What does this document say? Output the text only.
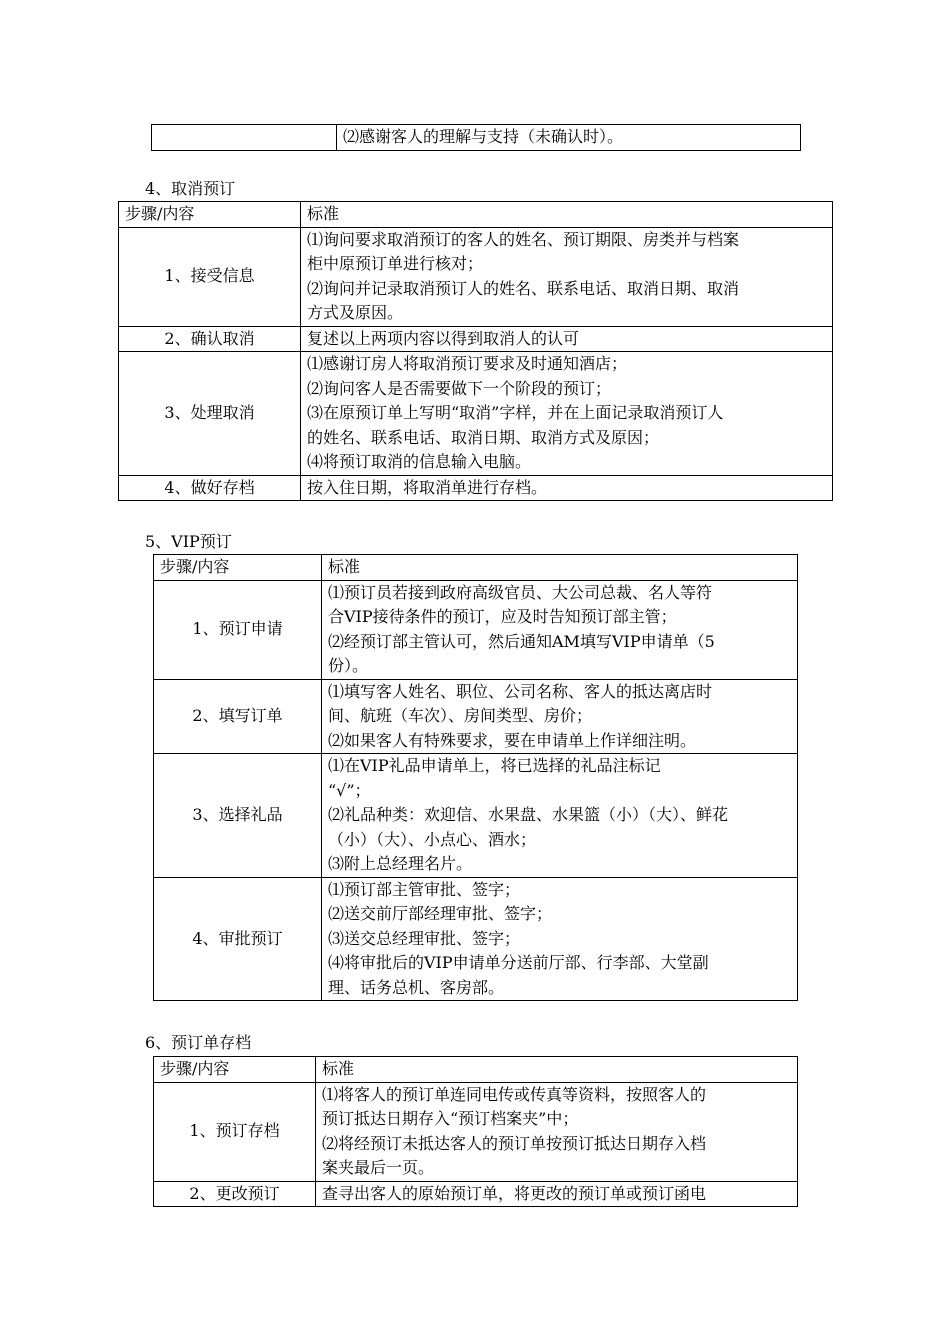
⑵感谢客人的理解与支持（未确认时）。
4、取消预订
步骤/内容	标准

1、接受信息	⑴询问要求取消预订的客人的姓名、预订期限、房类并与档案
柜中原预订单进行核对；
⑵询问并记录取消预订人的姓名、联系电话、取消日期、取消
方式及原因。

2、确认取消	复述以上两项内容以得到取消人的认可

3、处理取消	⑴感谢订房人将取消预订要求及时通知酒店；
⑵询问客人是否需要做下一个阶段的预订；
⑶在原预订单上写明“取消”字样，并在上面记录取消预订人
的姓名、联系电话、取消日期、取消方式及原因；
⑷将预订取消的信息输入电脑。

4、做好存档	按入住日期，将取消单进行存档。
5、VIP预订
步骤/内容	标准

1、预订申请	⑴预订员若接到政府高级官员、大公司总裁、名人等符
合VIP接待条件的预订，应及时告知预订部主管；
⑵经预订部主管认可，然后通知AM填写VIP申请单（5
份）。

2、填写订单	⑴填写客人姓名、职位、公司名称、客人的抵达离店时
间、航班（车次）、房间类型、房价；
⑵如果客人有特殊要求，要在申请单上作详细注明。

3、选择礼品	⑴在VIP礼品申请单上，将已选择的礼品注标记
“√”；
⑵礼品种类：欢迎信、水果盘、水果篮（小）（大）、鲜花
（小）（大）、小点心、酒水；
⑶附上总经理名片。

4、审批预订	⑴预订部主管审批、签字；
⑵送交前厅部经理审批、签字；
⑶送交总经理审批、签字；
⑷将审批后的VIP申请单分送前厅部、行李部、大堂副
理、话务总机、客房部。
6、预订单存档
步骤/内容	标准

1、预订存档	⑴将客人的预订单连同电传或传真等资料，按照客人的
预订抵达日期存入“预订档案夹”中；
⑵将经预订未抵达客人的预订单按预订抵达日期存入档
案夹最后一页。

2、更改预订	查寻出客人的原始预订单，将更改的预订单或预订函电
